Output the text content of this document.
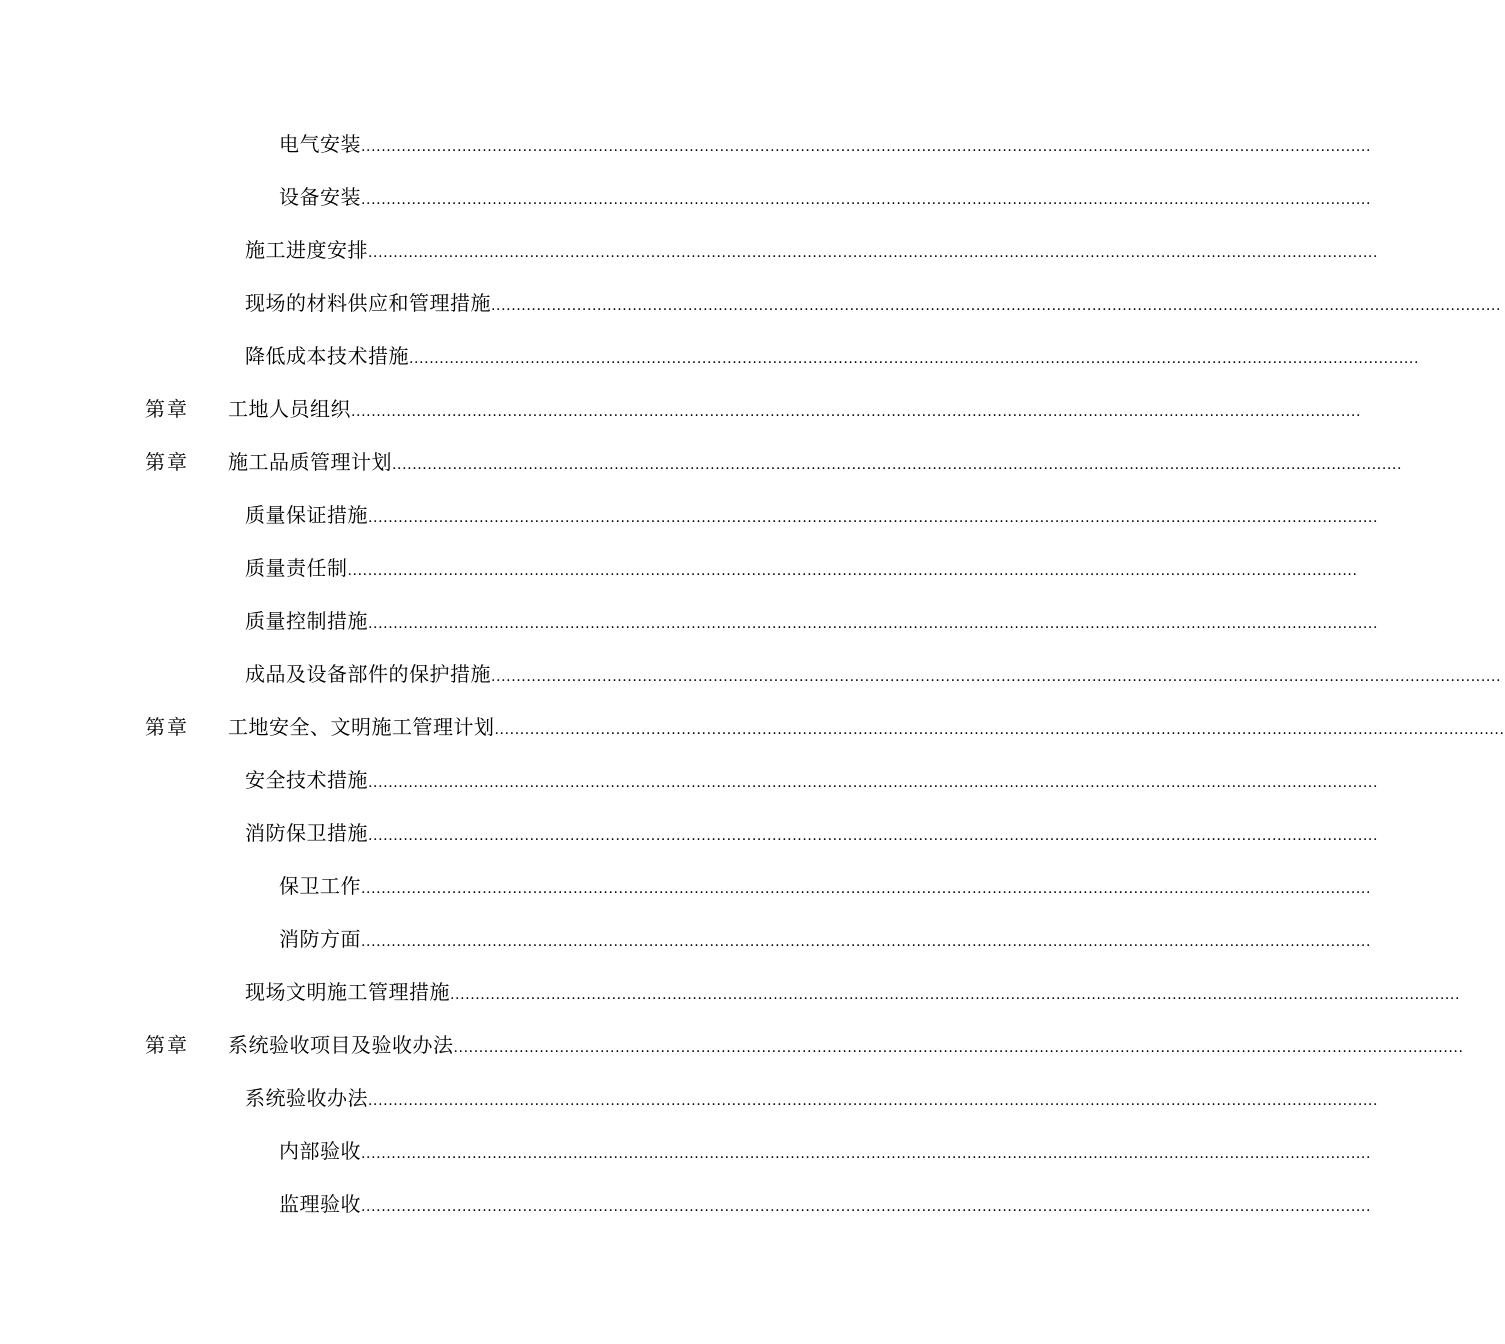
电气安装 ........................................................................................................................................................................................................
设备安装 ........................................................................................................................................................................................................
施工进度安排 ........................................................................................................................................................................................................
现场的材料供应和管理措施 ........................................................................................................................................................................................................
降低成本技术措施 ........................................................................................................................................................................................................
第章 工地人员组织 ........................................................................................................................................................................................................
第章 施工品质管理计划 ........................................................................................................................................................................................................
质量保证措施 ........................................................................................................................................................................................................
质量责任制 ........................................................................................................................................................................................................
质量控制措施 ........................................................................................................................................................................................................
成品及设备部件的保护措施 ........................................................................................................................................................................................................
第章 工地安全、文明施工管理计划 ........................................................................................................................................................................................................
安全技术措施 ........................................................................................................................................................................................................
消防保卫措施 ........................................................................................................................................................................................................
保卫工作 ........................................................................................................................................................................................................
消防方面 ........................................................................................................................................................................................................
现场文明施工管理措施 ........................................................................................................................................................................................................
第章 系统验收项目及验收办法 ........................................................................................................................................................................................................
系统验收办法 ........................................................................................................................................................................................................
内部验收 ........................................................................................................................................................................................................
监理验收 ........................................................................................................................................................................................................
